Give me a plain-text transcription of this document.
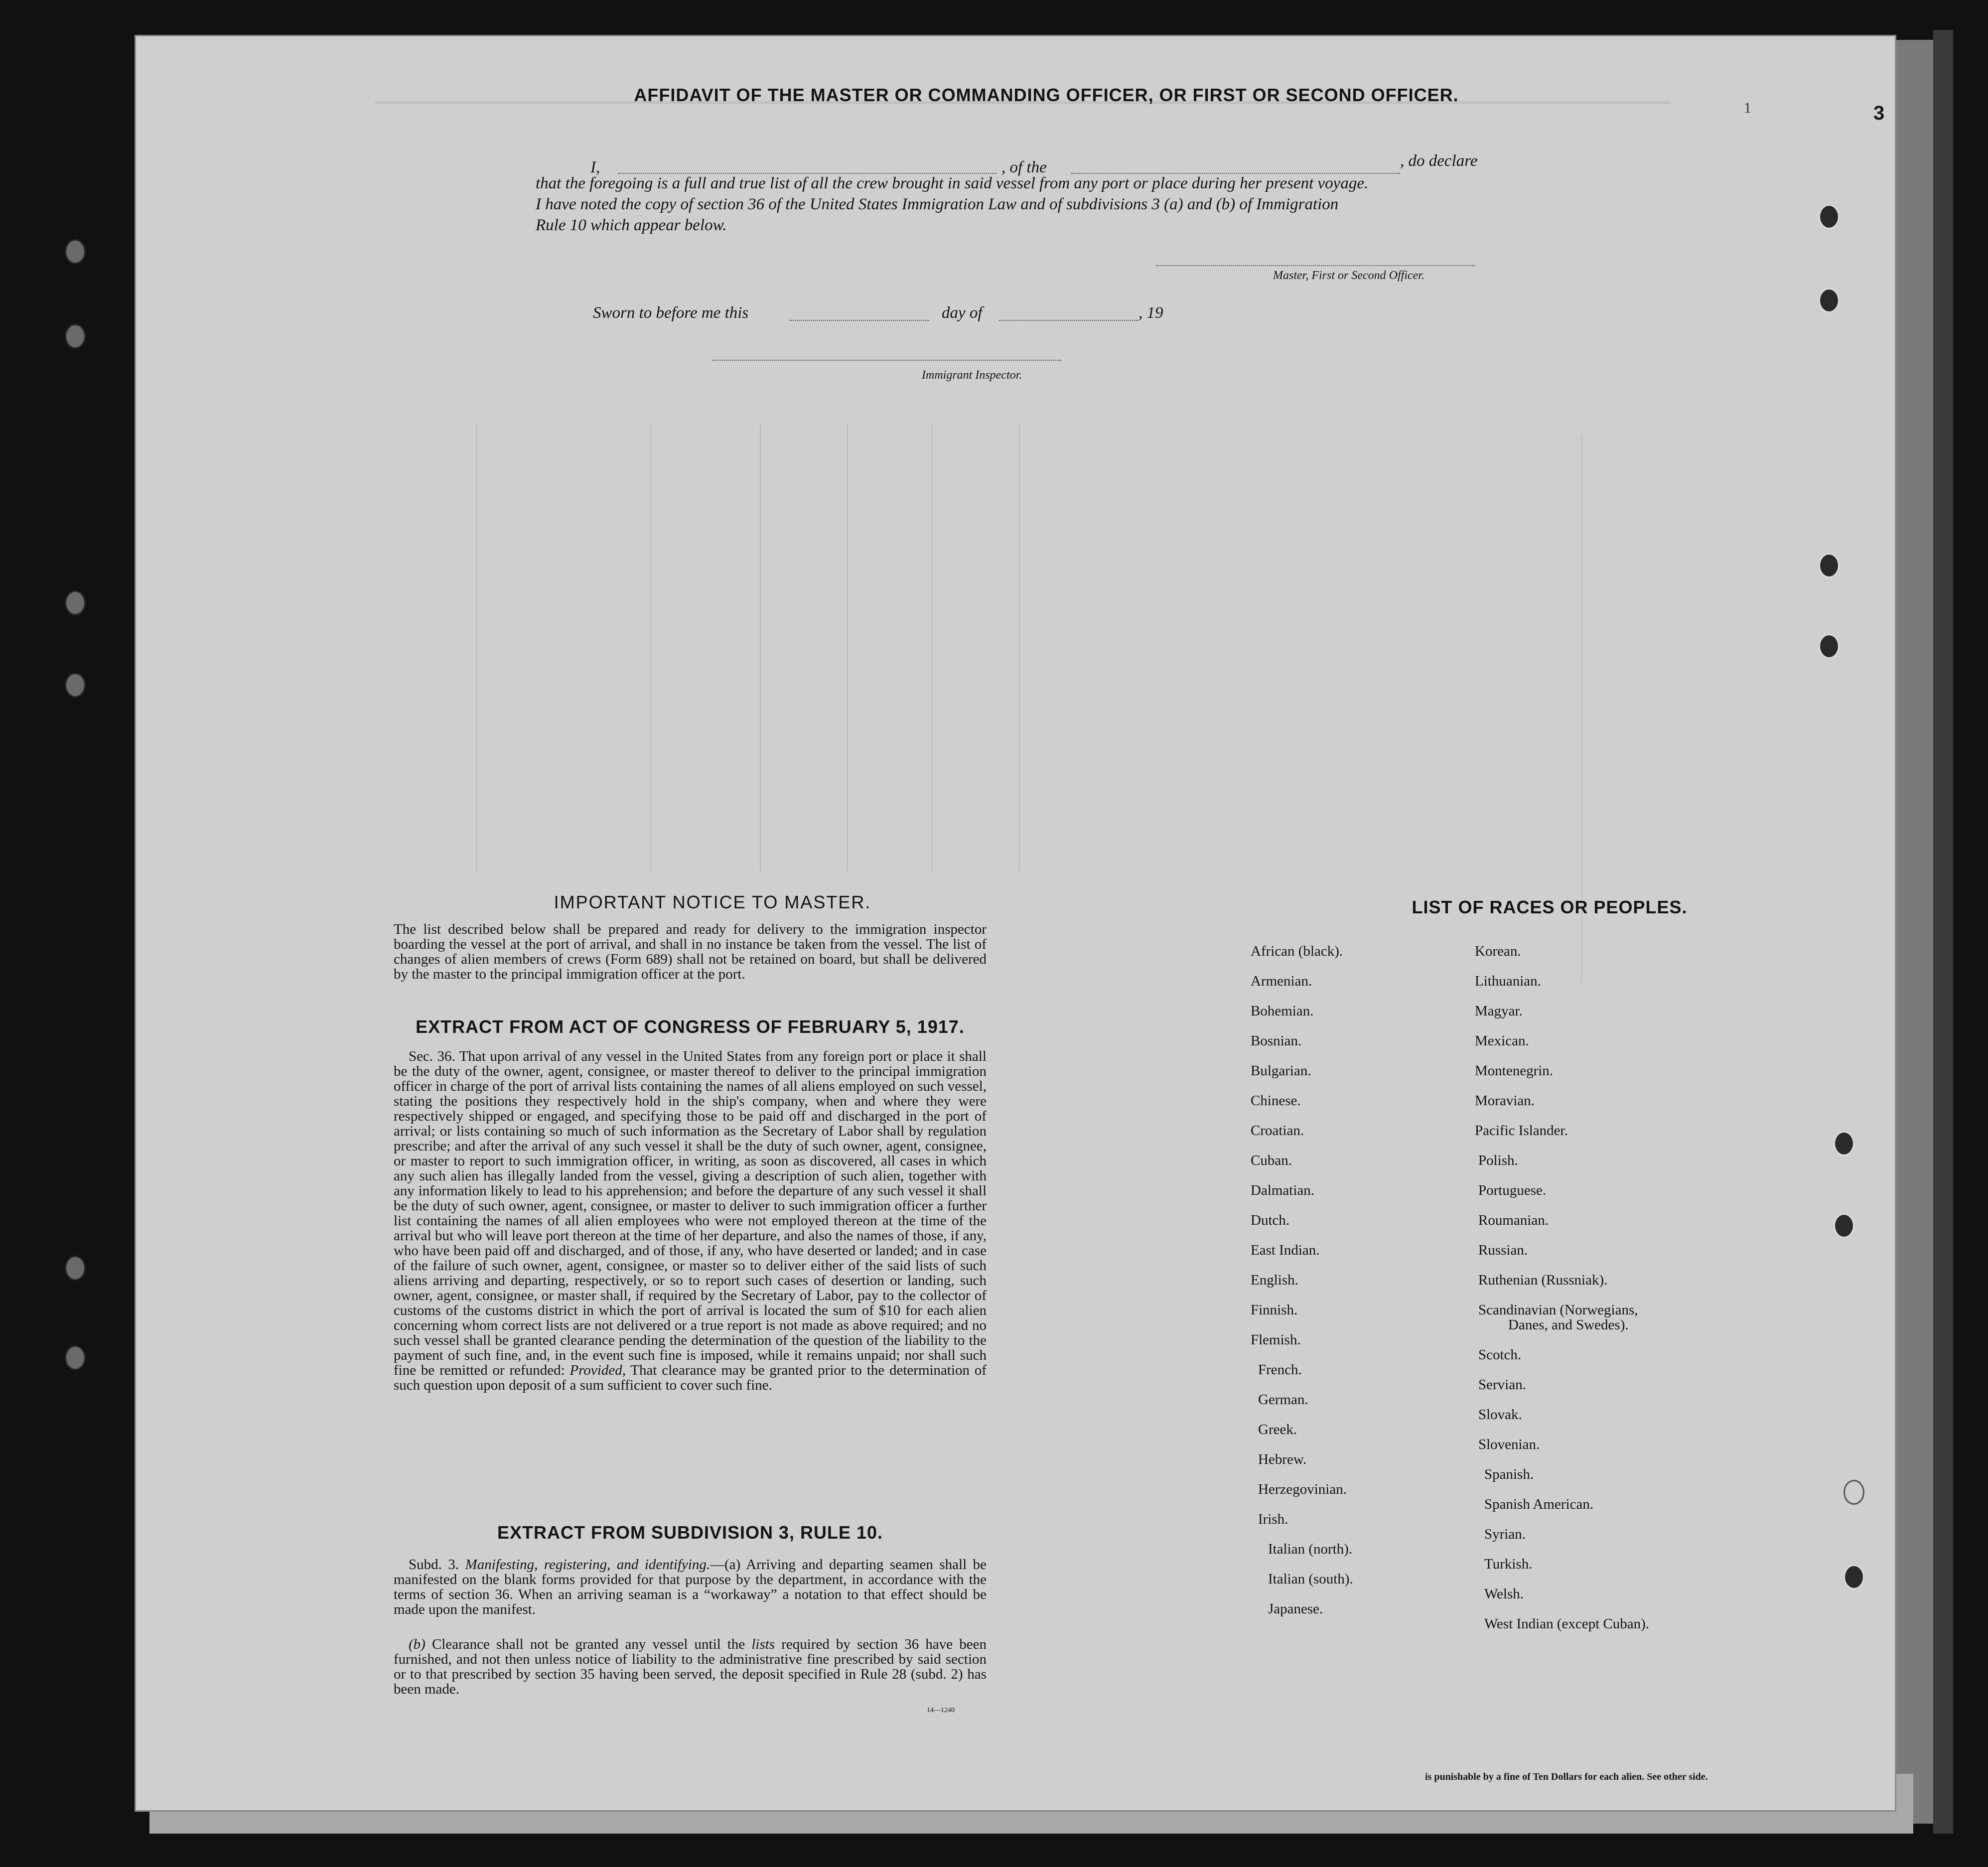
3
1
AFFIDAVIT OF THE MASTER OR COMMANDING OFFICER, OR FIRST OR SECOND OFFICER.
I,	, of the	, do declare
that the foregoing is a full and true list of all the crew brought in said vessel from any port or place during her present voyage.
I have noted the copy of section 36 of the United States Immigration Law and of subdivisions 3 (a) and (b) of Immigration
Rule 10 which appear below.
Master, First or Second Officer.
Sworn to before me this	day of	, 19
Immigrant Inspector.
IMPORTANT NOTICE TO MASTER.
The list described below shall be prepared and ready for delivery to the immigration inspector boarding the vessel at the port of arrival, and shall in no instance be taken from the vessel. The list of changes of alien members of crews (Form 689) shall not be retained on board, but shall be delivered by the master to the principal immigration officer at the port.
EXTRACT FROM ACT OF CONGRESS OF FEBRUARY 5, 1917.
Sec. 36. That upon arrival of any vessel in the United States from any foreign port or place it shall be the duty of the owner, agent, consignee, or master thereof to deliver to the principal immigration officer in charge of the port of arrival lists containing the names of all aliens employed on such vessel, stating the positions they respectively hold in the ship's company, when and where they were respectively shipped or engaged, and specifying those to be paid off and discharged in the port of arrival; or lists containing so much of such information as the Secretary of Labor shall by regulation prescribe; and after the arrival of any such vessel it shall be the duty of such owner, agent, consignee, or master to report to such immigration officer, in writing, as soon as discovered, all cases in which any such alien has illegally landed from the vessel, giving a description of such alien, together with any information likely to lead to his apprehension; and before the departure of any such vessel it shall be the duty of such owner, agent, consignee, or master to deliver to such immigration officer a further list containing the names of all alien employees who were not employed thereon at the time of the arrival but who will leave port thereon at the time of her departure, and also the names of those, if any, who have been paid off and discharged, and of those, if any, who have deserted or landed; and in case of the failure of such owner, agent, consignee, or master so to deliver either of the said lists of such aliens arriving and departing, respectively, or so to report such cases of desertion or landing, such owner, agent, consignee, or master shall, if required by the Secretary of Labor, pay to the collector of customs of the customs district in which the port of arrival is located the sum of $10 for each alien concerning whom correct lists are not delivered or a true report is not made as above required; and no such vessel shall be granted clearance pending the determination of the question of the liability to the payment of such fine, and, in the event such fine is imposed, while it remains unpaid; nor shall such fine be remitted or refunded: Provided, That clearance may be granted prior to the determination of such question upon deposit of a sum sufficient to cover such fine.
EXTRACT FROM SUBDIVISION 3, RULE 10.
Subd. 3. Manifesting, registering, and identifying.—(a) Arriving and departing seamen shall be manifested on the blank forms provided for that purpose by the department, in accordance with the terms of section 36. When an arriving seaman is a “workaway” a notation to that effect should be made upon the manifest.
(b) Clearance shall not be granted any vessel until the lists required by section 36 have been furnished, and not then unless notice of liability to the administrative fine prescribed by said section or to that prescribed by section 35 having been served, the deposit specified in Rule 28 (subd. 2) has been made.
14—1240
LIST OF RACES OR PEOPLES.
African (black).
Armenian.
Bohemian.
Bosnian.
Bulgarian.
Chinese.
Croatian.
Cuban.
Dalmatian.
Dutch.
East Indian.
English.
Finnish.
Flemish.
French.
German.
Greek.
Hebrew.
Herzegovinian.
Irish.
Italian (north).
Italian (south).
Japanese.
Korean.
Lithuanian.
Magyar.
Mexican.
Montenegrin.
Moravian.
Pacific Islander.
Polish.
Portuguese.
Roumanian.
Russian.
Ruthenian (Russniak).
Scandinavian (Norwegians,
Danes, and Swedes).
Scotch.
Servian.
Slovak.
Slovenian.
Spanish.
Spanish American.
Syrian.
Turkish.
Welsh.
West Indian (except Cuban).
is punishable by a fine of Ten Dollars for each alien. See other side.
